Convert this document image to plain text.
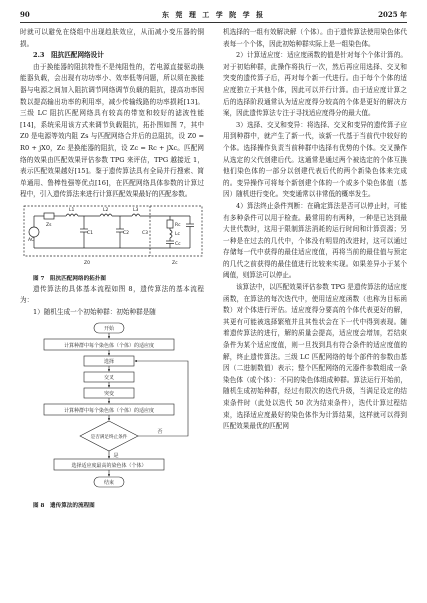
90	东 莞 理 工 学 院 学 报	2025 年

时就可以避免在绕组中出现趋肤效应，从而减小变压器的铜损。

2.3　阻抗匹配网络设计

由于换能器的阻抗特性不是纯阻性的，若电源直接驱动换能器负载，会出现有功功率小、效率低等问题，所以须在换能器与电源之间加入阻抗调节网络调节负载的阻抗，提高功率因数以提高输出功率的利用率，减少传输线路的功率损耗[13]。三级 LC 阻抗匹配网络具有较高的带宽和较好的滤波性能[14]，系统采用该方式来调节负载阻抗，拓扑图如图 7，其中 Z0 是电源等效内阻 Zs 与匹配网络合并后的总阻抗，设 Z0 = R0 + jX0，Zc 是换能器的阻抗，设 Zc = Rc + jXc。匹配网络的效果由匹配效果评估参数 TPG 来评估，TPG 越接近 1，表示匹配效果越好[15]。鉴于遗传算法具有全局并行搜索、简单通用、鲁棒性强等优点[16]，在匹配网络具体参数的计算过程中，引入遗传算法来进行计算匹配效果最好的匹配参数。

AC
Zs
L1
C1
L2
C2
L3
C3
Rc
Lc
Cc
Z0	Zc

图 7　阻抗匹配网络的拓扑图

遗传算法的具体基本流程如图 8，遗传算法的基本流程为：

1）随机生成一个初始种群：初始种群是随

开始
计算种群中每个染色体（个体）的适应度
选择
交叉
突变
计算种群中每个染色体（个体）的适应度
是否满足终止条件
是
否
选择适应度最高的染色体（个体）
结束

图 8　遗传算法的流程图

机选择的一组有效解决解（个体）。由于遗传算法使用染色体代表每一个个体，因此初始种群实际上是一组染色体。

2）计算适应度：适应度函数的值是针对每个个体计算的。对于初始种群，此操作将执行一次，然后再应用选择、交叉和突变的遗传算子后，再对每个新一代进行。由于每个个体的适应度独立于其他个体，因此可以并行计算。由于适应度计算之后的选择阶段通常认为适应度得分较高的个体是更好的解决方案，因此遗传算法专注于寻找适应度得分的最大值。

3）选择、交叉和变异：将选择、交叉和变异的遗传算子应用到种群中，就产生了新一代，该新一代基于当前代中较好的个体。选择操作负责当前种群中选择有优势的个体。交叉操作从选定的父代创建后代。这通常是通过两个被选定的个体互换他们染色体的一部分以创建代表后代的两个新染色体来完成的。变异操作可将每个新创建个体的一个或多个染色体值（基因）随机进行变化。突变通常以非常低的概率发生。

4）算法终止条件判断：在确定算法是否可以停止时，可能有多种条件可以用于检查。最常用的有两种，一种是已达到最大世代数时，这用于限制算法消耗的运行时间和计算资源；另一种是在过去的几代中，个体没有明显的改进时，这可以通过存储每一代中获得的最佳适应度值，再将当前的最佳值与预定的几代之前获得的最佳值进行比较来实现。如果差异小于某个阈值，则算法可以停止。

该算法中，以匹配效果评估参数 TPG 是遗传算法的适应度函数，在算法的每次迭代中，使用适应度函数（也称为目标函数）对个体进行评估。适应度得分要高的个体代表更好的解，其更有可能被选择繁殖并且其性状会在下一代中得到表现。随着遗传算法的进行，解的质量会提高，适应度会增加，若结束条件为某个适应度值，则一旦找到具有符合条件的适应度值的解，终止遗传算法。三级 LC 匹配网络的每个部件的参数由基因（二进制数值）表示；整个匹配网络的元器件参数组成一条染色体（或个体）：不同的染色体组成种群。算法运行开始前，随机生成初始种群，经过有限次的迭代升级，当满足设定的结束条件时（此处以迭代 50 次为结束条件），迭代计算过程结束，选择适应度最好的染色体作为计算结果，这样就可以得到匹配效果最优的匹配网
